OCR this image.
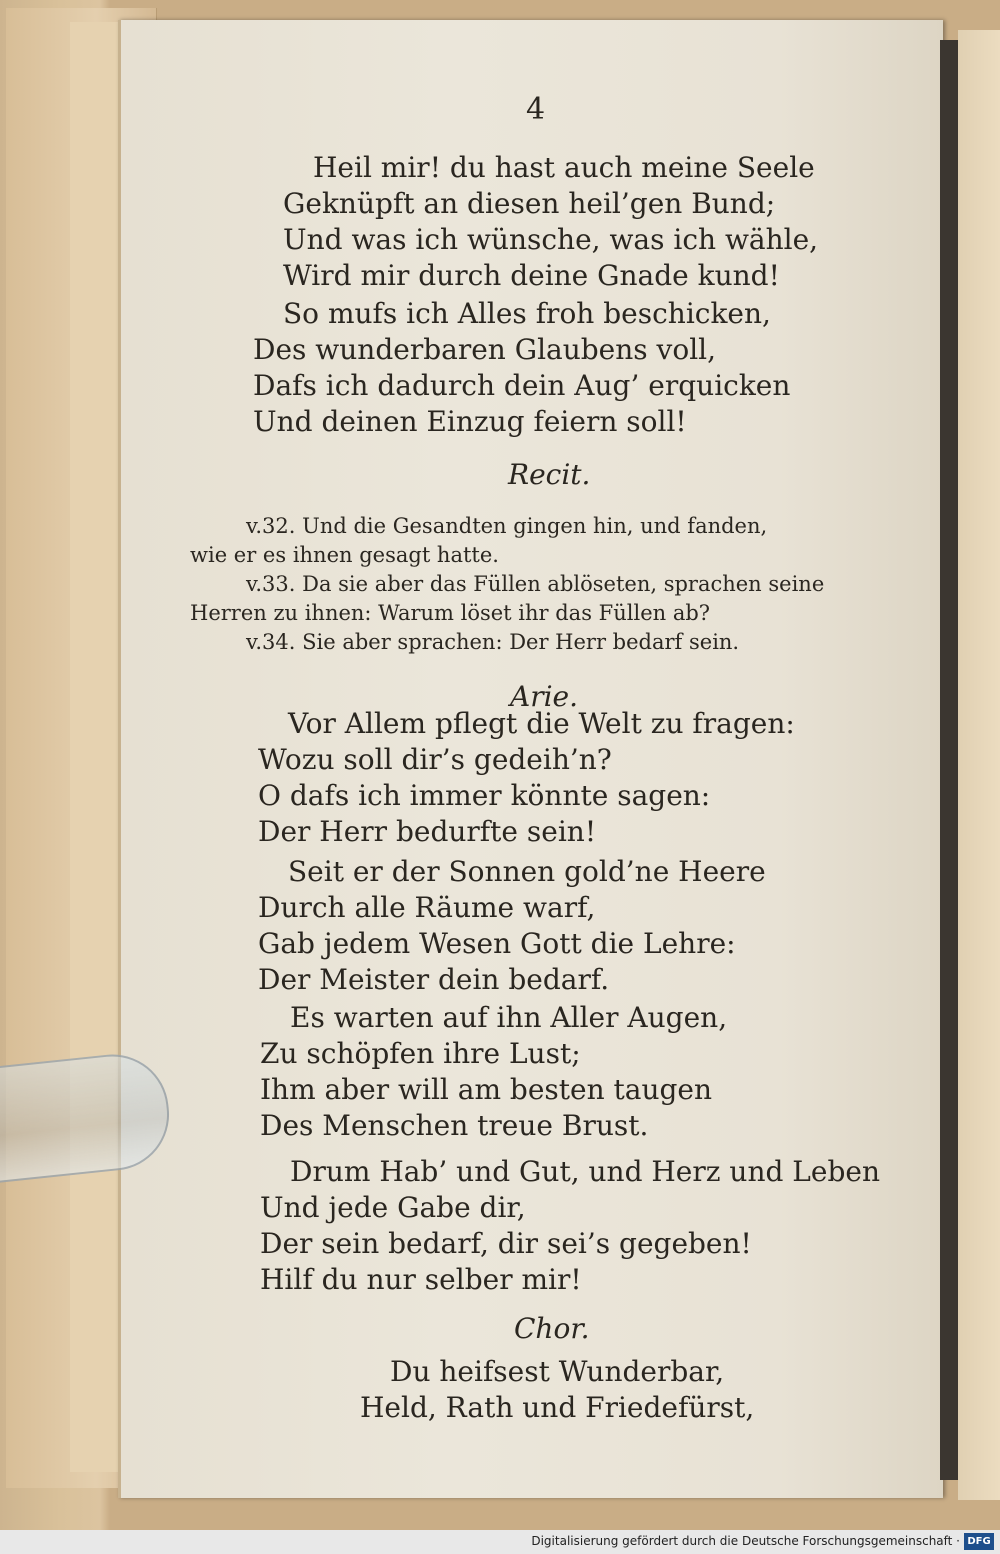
4
Heil mir! du hast auch meine Seele
Geknüpft an diesen heil’gen Bund;
Und was ich wünsche, was ich wähle,
Wird mir durch deine Gnade kund!
So mufs ich Alles froh beschicken,
Des wunderbaren Glaubens voll,
Dafs ich dadurch dein Aug’ erquicken
Und deinen Einzug feiern soll!
Recit.
v.32. Und die Gesandten gingen hin, und fanden,
wie er es ihnen gesagt hatte.
v.33. Da sie aber das Füllen ablöseten, sprachen seine
Herren zu ihnen: Warum löset ihr das Füllen ab?
v.34. Sie aber sprachen: Der Herr bedarf sein.
Arie.
Vor Allem pflegt die Welt zu fragen:
Wozu soll dir’s gedeih’n?
O dafs ich immer könnte sagen:
Der Herr bedurfte sein!
Seit er der Sonnen gold’ne Heere
Durch alle Räume warf,
Gab jedem Wesen Gott die Lehre:
Der Meister dein bedarf.
Es warten auf ihn Aller Augen,
Zu schöpfen ihre Lust;
Ihm aber will am besten taugen
Des Menschen treue Brust.
Drum Hab’ und Gut, und Herz und Leben
Und jede Gabe dir,
Der sein bedarf, dir sei’s gegeben!
Hilf du nur selber mir!
Chor.
Du heifsest Wunderbar,
Held, Rath und Friedefürst,
Digitalisierung gefördert durch die Deutsche Forschungsgemeinschaft · DFG
